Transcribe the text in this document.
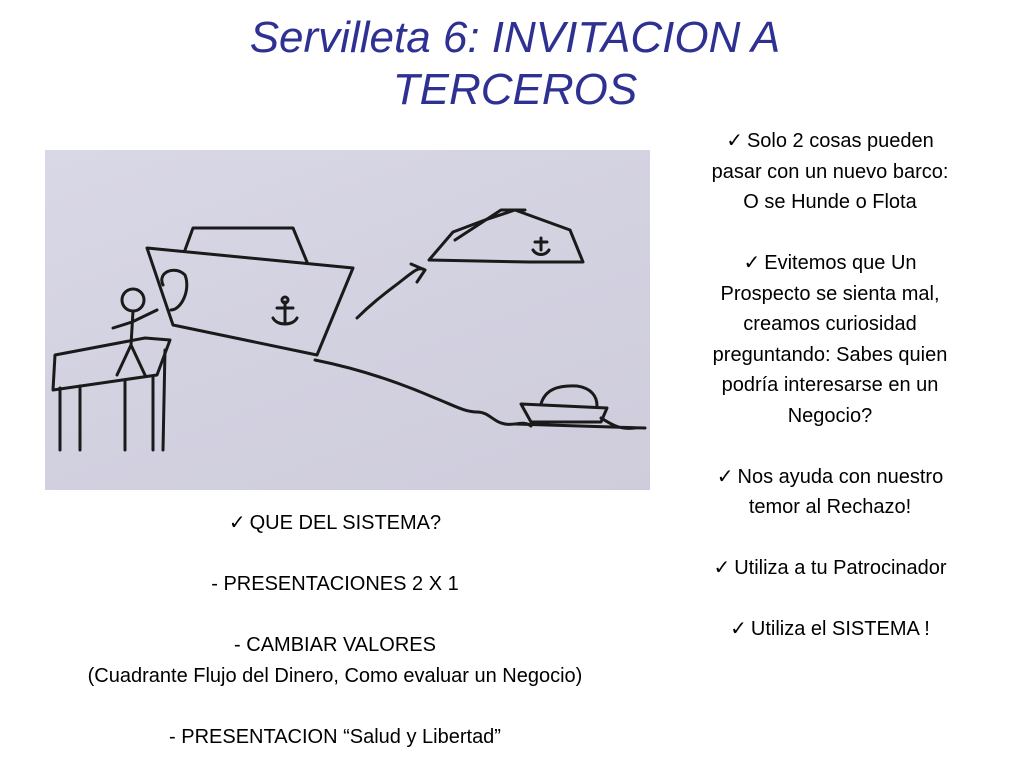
Servilleta 6: INVITACION A
TERCEROS

✓ Solo 2 cosas pueden
pasar con un nuevo barco:
O se Hunde o Flota

✓ Evitemos que Un
Prospecto se sienta mal,
creamos curiosidad
preguntando: Sabes quien
podría interesarse en un
Negocio?

✓ Nos ayuda con nuestro
temor al Rechazo!

✓ Utiliza a tu Patrocinador

✓ Utiliza el SISTEMA !

✓ QUE DEL SISTEMA?

- PRESENTACIONES 2 X 1

- CAMBIAR VALORES

(Cuadrante Flujo del Dinero, Como evaluar un Negocio)

- PRESENTACION “Salud y Libertad”
